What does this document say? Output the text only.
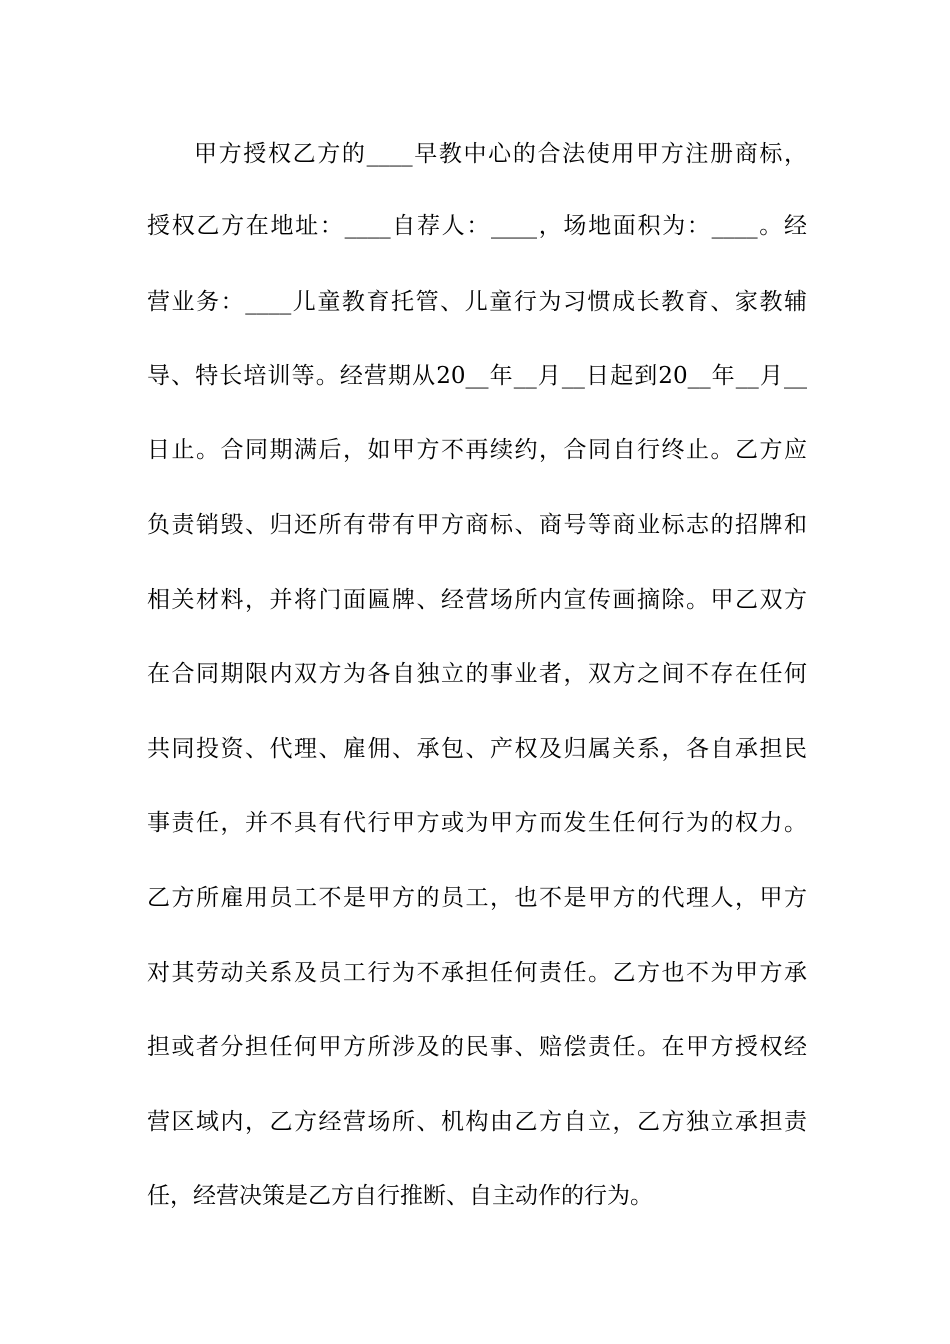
甲方授权乙方的____早教中心的合法使用甲方注册商标，
授权乙方在地址：____自荐人：____，场地面积为：____。经
营业务：____儿童教育托管、儿童行为习惯成长教育、家教辅
导、特长培训等。经营期从20__年__月__日起到20__年__月__
日止。合同期满后，如甲方不再续约，合同自行终止。乙方应
负责销毁、归还所有带有甲方商标、商号等商业标志的招牌和
相关材料，并将门面匾牌、经营场所内宣传画摘除。甲乙双方
在合同期限内双方为各自独立的事业者，双方之间不存在任何
共同投资、代理、雇佣、承包、产权及归属关系，各自承担民
事责任，并不具有代行甲方或为甲方而发生任何行为的权力。
乙方所雇用员工不是甲方的员工，也不是甲方的代理人，甲方
对其劳动关系及员工行为不承担任何责任。乙方也不为甲方承
担或者分担任何甲方所涉及的民事、赔偿责任。在甲方授权经
营区域内，乙方经营场所、机构由乙方自立，乙方独立承担责
任，经营决策是乙方自行推断、自主动作的行为。
